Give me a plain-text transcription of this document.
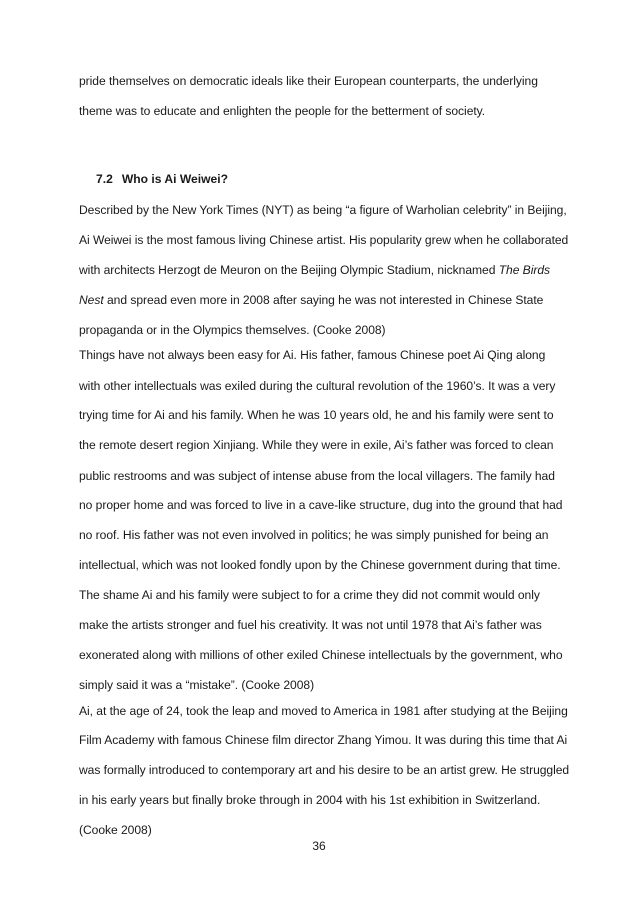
pride themselves on democratic ideals like their European counterparts, the underlying
theme was to educate and enlighten the people for the betterment of society.
7.2 Who is Ai Weiwei?
Described by the New York Times (NYT) as being “a figure of Warholian celebrity” in Beijing,
Ai Weiwei is the most famous living Chinese artist. His popularity grew when he collaborated
with architects Herzogt de Meuron on the Beijing Olympic Stadium, nicknamed The Birds
Nest and spread even more in 2008 after saying he was not interested in Chinese State
propaganda or in the Olympics themselves. (Cooke 2008)
Things have not always been easy for Ai. His father, famous Chinese poet Ai Qing along
with other intellectuals was exiled during the cultural revolution of the 1960’s. It was a very
trying time for Ai and his family. When he was 10 years old, he and his family were sent to
the remote desert region Xinjiang. While they were in exile, Ai’s father was forced to clean
public restrooms and was subject of intense abuse from the local villagers. The family had
no proper home and was forced to live in a cave-like structure, dug into the ground that had
no roof. His father was not even involved in politics; he was simply punished for being an
intellectual, which was not looked fondly upon by the Chinese government during that time.
The shame Ai and his family were subject to for a crime they did not commit would only
make the artists stronger and fuel his creativity. It was not until 1978 that Ai’s father was
exonerated along with millions of other exiled Chinese intellectuals by the government, who
simply said it was a “mistake”. (Cooke 2008)
Ai, at the age of 24, took the leap and moved to America in 1981 after studying at the Beijing
Film Academy with famous Chinese film director Zhang Yimou. It was during this time that Ai
was formally introduced to contemporary art and his desire to be an artist grew. He struggled
in his early years but finally broke through in 2004 with his 1st exhibition in Switzerland.
(Cooke 2008)
36
